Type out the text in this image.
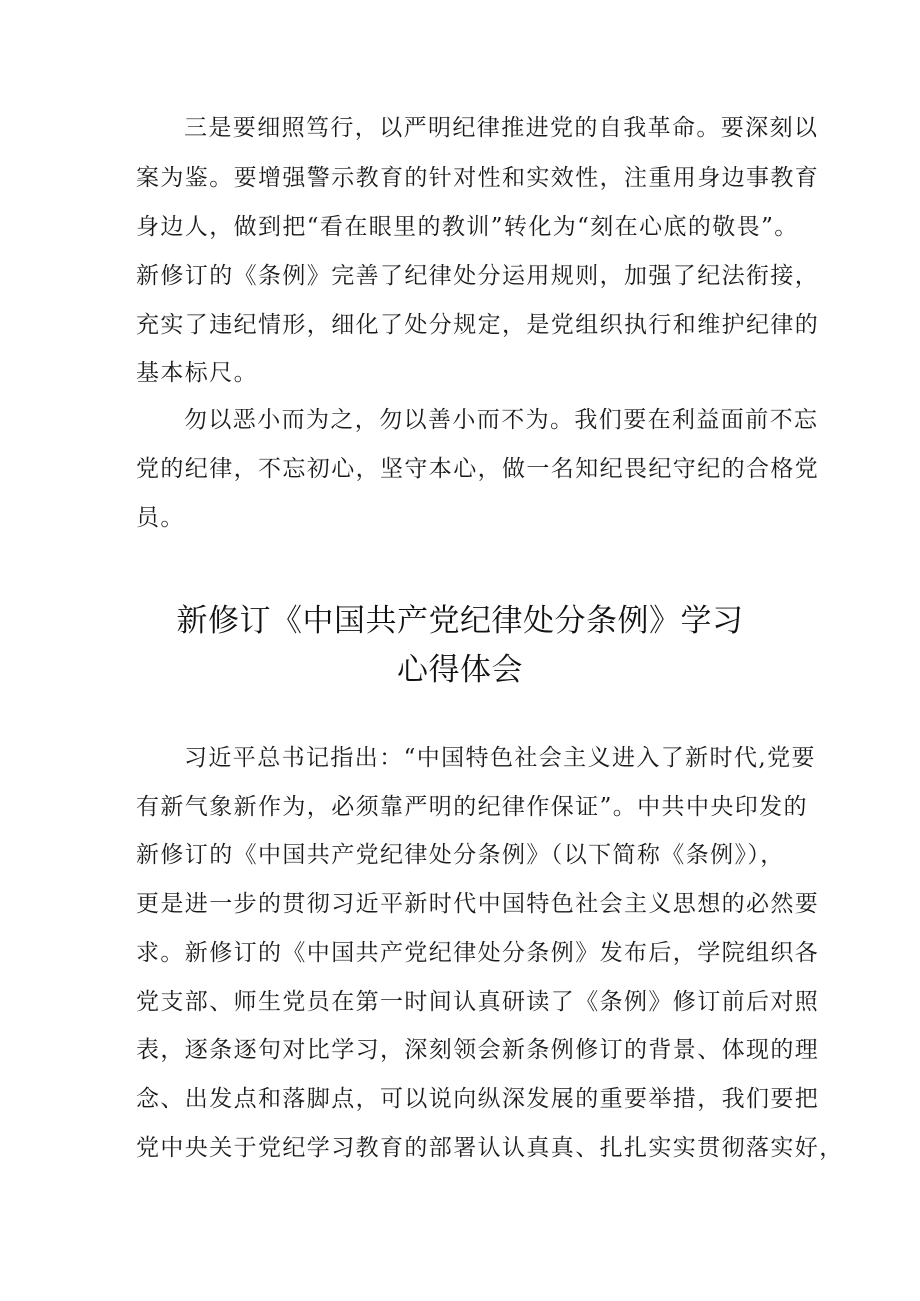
三是要细照笃行，以严明纪律推进党的自我革命。要深刻以
案为鉴。要增强警示教育的针对性和实效性，注重用身边事教育
身边人，做到把“看在眼里的教训”转化为“刻在心底的敬畏”。
新修订的《条例》完善了纪律处分运用规则，加强了纪法衔接，
充实了违纪情形，细化了处分规定，是党组织执行和维护纪律的
基本标尺。
勿以恶小而为之，勿以善小而不为。我们要在利益面前不忘
党的纪律，不忘初心，坚守本心，做一名知纪畏纪守纪的合格党
员。
新修订《中国共产党纪律处分条例》学习
心得体会
习近平总书记指出：“中国特色社会主义进入了新时代,党要
有新气象新作为，必须靠严明的纪律作保证”。中共中央印发的
新修订的《中国共产党纪律处分条例》（以下简称《条例》），
更是进一步的贯彻习近平新时代中国特色社会主义思想的必然要
求。新修订的《中国共产党纪律处分条例》发布后，学院组织各
党支部、师生党员在第一时间认真研读了《条例》修订前后对照
表，逐条逐句对比学习，深刻领会新条例修订的背景、体现的理
念、出发点和落脚点，可以说向纵深发展的重要举措，我们要把
党中央关于党纪学习教育的部署认认真真、扎扎实实贯彻落实好，
